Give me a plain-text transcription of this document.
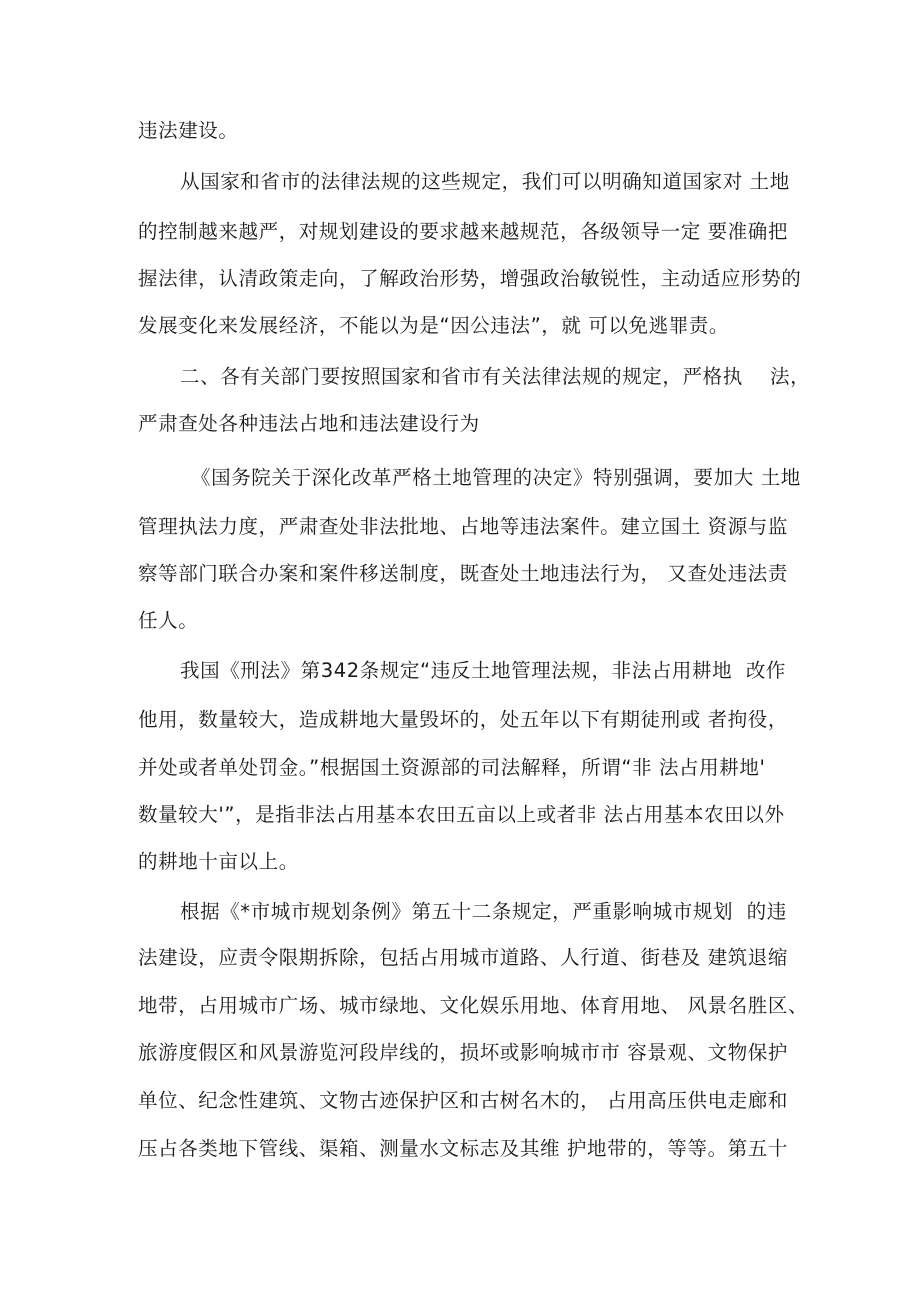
违法建设。
从国家和省市的法律法规的这些规定，我们可以明确知道国家对 土地
的控制越来越严，对规划建设的要求越来越规范，各级领导一定 要准确把
握法律，认清政策走向，了解政治形势，增强政治敏锐性，主动适应形势的
发展变化来发展经济，不能以为是“因公违法”，就 可以免逃罪责。
二、各有关部门要按照国家和省市有关法律法规的规定，严格执    法，
严肃查处各种违法占地和违法建设行为
《国务院关于深化改革严格土地管理的决定》特别强调，要加大 土地
管理执法力度，严肃查处非法批地、占地等违法案件。建立国土 资源与监
察等部门联合办案和案件移送制度，既查处土地违法行为， 又查处违法责
任人。
我国《刑法》第342条规定“违反土地管理法规，非法占用耕地  改作
他用，数量较大，造成耕地大量毁坏的，处五年以下有期徒刑或 者拘役，
并处或者单处罚金。”根据国土资源部的司法解释，所谓“非 法占用耕地'
数量较大'”，是指非法占用基本农田五亩以上或者非 法占用基本农田以外
的耕地十亩以上。
根据《*市城市规划条例》第五十二条规定，严重影响城市规划  的违
法建设，应责令限期拆除，包括占用城市道路、人行道、街巷及 建筑退缩
地带，占用城市广场、城市绿地、文化娱乐用地、体育用地、 风景名胜区、
旅游度假区和风景游览河段岸线的，损坏或影响城市市 容景观、文物保护
单位、纪念性建筑、文物古迹保护区和古树名木的， 占用高压供电走廊和
压占各类地下管线、渠箱、测量水文标志及其维 护地带的，等等。第五十
